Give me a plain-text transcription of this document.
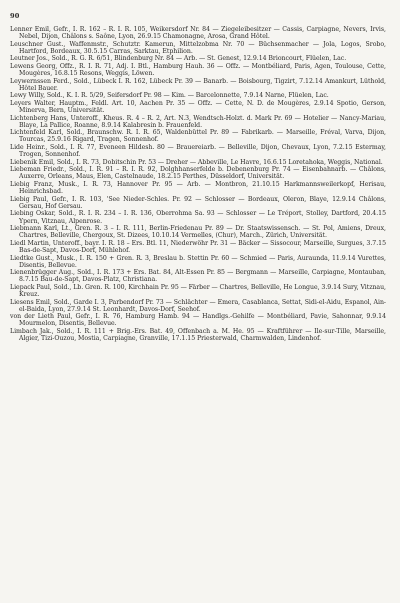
90
Lenner Emil, Gefr., I. R. 162 – R. I. R. 105, Weikersdorf Nr. 84 — Ziegeleibesitzer — Cassis, Carpiagne, Nevers, Irvis, Nebel, Dijon, Châlons s. Saône, Lyon, 26.9.15 Chamonagne, Arosa, Grand Hôtel.
Leuschner Gust., Waffenmstr., Schutztr. Kamerun, Mittelzobma Nr. 70 — Büchsenmacher — Jola, Logos, Srobo, Hartford, Bordeaux, 30.5.15 Carras, Sarktau, Etphilion.
Leutner Jos., Sold., R. G. R. 6/51, Blindenburg Nr. 84 — Arb. — St. Genest, 12.9.14 Brioncourt, Flüelen, Lac.
Lewens Georg, Offz., R. I. R. 71, Adj. I. Btl., Hamburg Hauh. 36 — Offz. — Montbéliard, Paris, Agen, Toulouse, Cette, Mougères, 16.8.15 Resons, Weggis, Löwen.
Leywernssen Ferd., Sold., Lübeck I. R. 162, Lübeck Pr. 39 — Banarb. — Boisbourg, Tigzirt, 7.12.14 Amankurt, Lüthold, Hôtel Bauer.
Lewy Willy, Sold., K. I. R. 5/29, Seifersdorf Pr. 98 — Kim. — Barcelonnette, 7.9.14 Narne, Flüelen, Lac.
Leyers Walter, Hauptm., Feldl. Art. 10, Aachen Pr. 35 — Offz. — Cette, N. D. de Mougères, 2.9.14 Spotio, Gerson, Minerva, Bern, Universität.
Lichtenberg Hans, Unteroff., Kheus. R. 4 – R. 2, Art. N.3, Wendtsch-Holzt. d. Mark Pr. 69 — Hotelier — Nancy-Mariau, Blaye, La Pallice, Roanne, 8.9.14 Kalabresin b. Frauenfeld.
Lichtenfeld Karl, Sold., Braunschw. R. I. R. 65, Waldenbüttel Pr. 89 — Fabrikarb. — Marseille, Fréval, Varva, Dijon, Tourcas, 25.9.16 Rigard, Tragen, Sonnenhof.
Lide Heinr., Sold., I. R. 77, Eveneen Hildesh. 80 — Brauereiarb. — Belleville, Dijon, Chevaux, Lyon, 7.2.15 Estermay, Trogen, Sonnenhof.
Liebenik Emil, Sold., I. R. 73, Dobitschin Pr. 53 — Dreher — Abbeville, Le Havre, 16.6.15 Loretahoka, Weggis, National.
Liebeman Friedr., Sold., I. R. 91 – R. I. R. 92, Dolghhanserfelde b. Debenenburg Pr. 74 — Eisenbahnarb. — Châlons, Auxerre, Orleans, Maus, Elen, Castelnaude, 18.2.15 Perthes, Düsseldorf, Universität.
Liebig Franz, Musk., I. R. 73, Hannover Pr. 95 — Arb. — Montbron, 21.10.15 Harkmannsweilerkopf, Herisau, Heinrichsbad.
Liebig Paul, Gefr., I. R. 103, 'See Nieder-Schles. Pr. 92 — Schlosser — Bordeaux, Oleron, Blaye, 12.9.14 Châlons, Gersau, Hof Gersau.
Liebing Oskar, Sold., R. I. R. 234 – I. R. 136, Oberrohma Sa. 93 — Schlosser — Le Tréport, Stolley, Dartford, 20.4.15 Ypern, Vitznau, Alpenrose.
Liebmann Karl, Lt., Gren. R. 3 – I. R. 111, Berlin-Friedenau Pr. 89 — Dr. Staatswissensch. — St. Pol, Amiens, Dreux, Chartres, Belleville, Chergoux, St. Dizees, 10.10.14 Vermelles, (Chur), March., Zürich, Universität.
Liedl Martin, Unteroff., bayr. I. R. 18 – Ers. Btl. 11, Niederwöhr Pr. 31 — Bäcker — Sissocour, Marseille, Surgues, 3.7.15 Bas-de-Sapt, Davos-Dorf, Mühlehof.
Liedtke Gust., Musk., I. R. 150 + Gren. R. 3, Breslau b. Stettin Pr. 60 — Schmied — Paris, Auraunda, 11.9.14 Vurettes, Disentis, Bellevue.
Lienenbrügger Aug., Sold., I. R. 173 + Ers. Bat. 84, Alt-Essen Pr. 85 — Bergmann — Marseille, Carpiagne, Montauban, 8.7.15 Bau-de-Sapt, Davos-Platz, Christiana.
Liepack Paul, Sold., Lb. Gren. R. 100, Kirchhain Pr. 95 — Färber — Chartres, Belleville, He Longue, 3.9.14 Sury, Vitznau, Kreuz.
Liesens Emil, Sold., Garde I. 3, Parbendorf Pr. 73 — Schlächter — Emera, Casablanca, Settat, Sidi-el-Aidu, Espanol, Ain-el-Baida, Lyon, 27.9.14 St. Leonhardt, Davos-Dorf, Seehof.
von der Lieth Paul, Gefr., I. R. 76, Hamburg Hamb. 94 — Handlgs.-Gehilfe — Montbéliard, Pavie, Sahonnar, 9.9.14 Mourmelon, Disentis, Bellevue.
Limbach Jak., Sold., I. R. 111 + Brig.-Ers. Bat. 49, Offenbach a. M. He. 95 — Kraftführer — Ile-sur-Tille, Marseille, Algier, Tizi-Ouzou, Mostia, Carpiagne, Granville, 17.1.15 Priesterwald, Charmwalden, Lindenhof.
